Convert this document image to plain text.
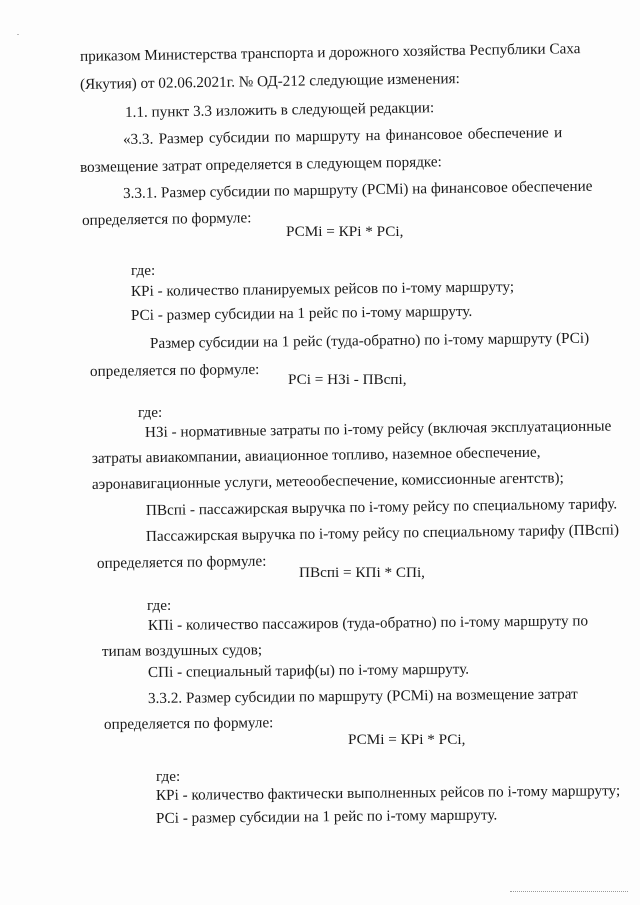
приказом Министерства транспорта и дорожного хозяйства Республики Саха
(Якутия) от 02.06.2021г. № ОД-212 следующие изменения:
1.1. пункт 3.3 изложить в следующей редакции:
«3.3. Размер субсидии по маршруту на финансовое обеспечение и
возмещение затрат определяется в следующем порядке:
3.3.1. Размер субсидии по маршруту (РСМi) на финансовое обеспечение
определяется по формуле:
РСМi = КРi * РСi,
где:
КРi - количество планируемых рейсов по i-тому маршруту;
РСi - размер субсидии на 1 рейс по i-тому маршруту.
Размер субсидии на 1 рейс (туда-обратно) по i-тому маршруту (РСi)
определяется по формуле: РСi = НЗi - ПВспi,
где:
НЗi - нормативные затраты по i-тому рейсу (включая эксплуатационные
затраты авиакомпании, авиационное топливо, наземное обеспечение,
аэронавигационные услуги, метеообеспечение, комиссионные агентств);
ПВспi - пассажирская выручка по i-тому рейсу по специальному тарифу.
Пассажирская выручка по i-тому рейсу по специальному тарифу (ПВспi)
определяется по формуле:
ПВспi = КПi * СПi,
где:
КПi - количество пассажиров (туда-обратно) по i-тому маршруту по
типам воздушных судов;
СПi - специальный тариф(ы) по i-тому маршруту.
3.3.2. Размер субсидии по маршруту (РСМi) на возмещение затрат
определяется по формуле:
РСМi = КРi * РСi,
где:
КРi - количество фактически выполненных рейсов по i-тому маршруту;
РСi - размер субсидии на 1 рейс по i-тому маршруту.
